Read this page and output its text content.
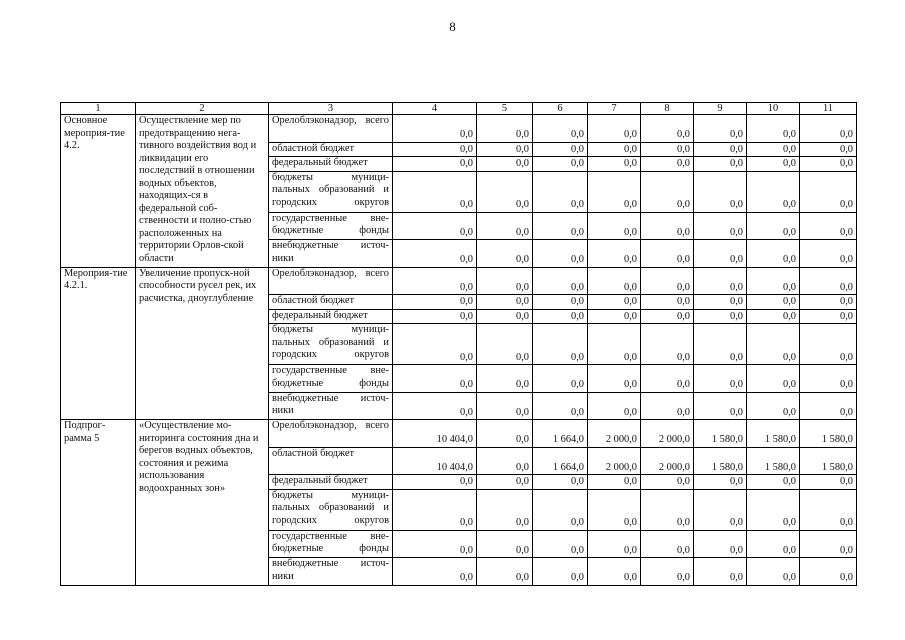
8
1	2	3	4	5	6	7	8	9	10	11
Основное мероприя-тие 4.2.	Осуществление мер по предотвращению нега-тивного воздействия вод и ликвидации его последствий в отношении водных объектов, находящих-ся в федеральной соб-ственности и полно-стью расположенных на территории Орлов-ской области	Орелоблэконадзор, всего	0,0	0,0	0,0	0,0	0,0	0,0	0,0	0,0
		областной бюджет	0,0	0,0	0,0	0,0	0,0	0,0	0,0	0,0
		федеральный бюджет	0,0	0,0	0,0	0,0	0,0	0,0	0,0	0,0
		бюджеты муници-пальных образований и городских округов	0,0	0,0	0,0	0,0	0,0	0,0	0,0	0,0
		государственные вне-бюджетные фонды	0,0	0,0	0,0	0,0	0,0	0,0	0,0	0,0
		внебюджетные источ-ники	0,0	0,0	0,0	0,0	0,0	0,0	0,0	0,0
Мероприя-тие 4.2.1.	Увеличение пропуск-ной способности русел рек, их расчистка, дноуглубление	Орелоблэконадзор, всего	0,0	0,0	0,0	0,0	0,0	0,0	0,0	0,0
		областной бюджет	0,0	0,0	0,0	0,0	0,0	0,0	0,0	0,0
		федеральный бюджет	0,0	0,0	0,0	0,0	0,0	0,0	0,0	0,0
		бюджеты муници-пальных образований и городских округов	0,0	0,0	0,0	0,0	0,0	0,0	0,0	0,0
		государственные вне-бюджетные фонды	0,0	0,0	0,0	0,0	0,0	0,0	0,0	0,0
		внебюджетные источ-ники	0,0	0,0	0,0	0,0	0,0	0,0	0,0	0,0
Подпрог-рамма 5	«Осуществление мо-ниторинга состояния дна и берегов водных объектов, состояния и режима использования водоохранных зон»	Орелоблэконадзор, всего	10 404,0	0,0	1 664,0	2 000,0	2 000,0	1 580,0	1 580,0	1 580,0
		областной бюджет	10 404,0	0,0	1 664,0	2 000,0	2 000,0	1 580,0	1 580,0	1 580,0
		федеральный бюджет	0,0	0,0	0,0	0,0	0,0	0,0	0,0	0,0
		бюджеты муници-пальных образований и городских округов	0,0	0,0	0,0	0,0	0,0	0,0	0,0	0,0
		государственные вне-бюджетные фонды	0,0	0,0	0,0	0,0	0,0	0,0	0,0	0,0
		внебюджетные источ-ники	0,0	0,0	0,0	0,0	0,0	0,0	0,0	0,0
